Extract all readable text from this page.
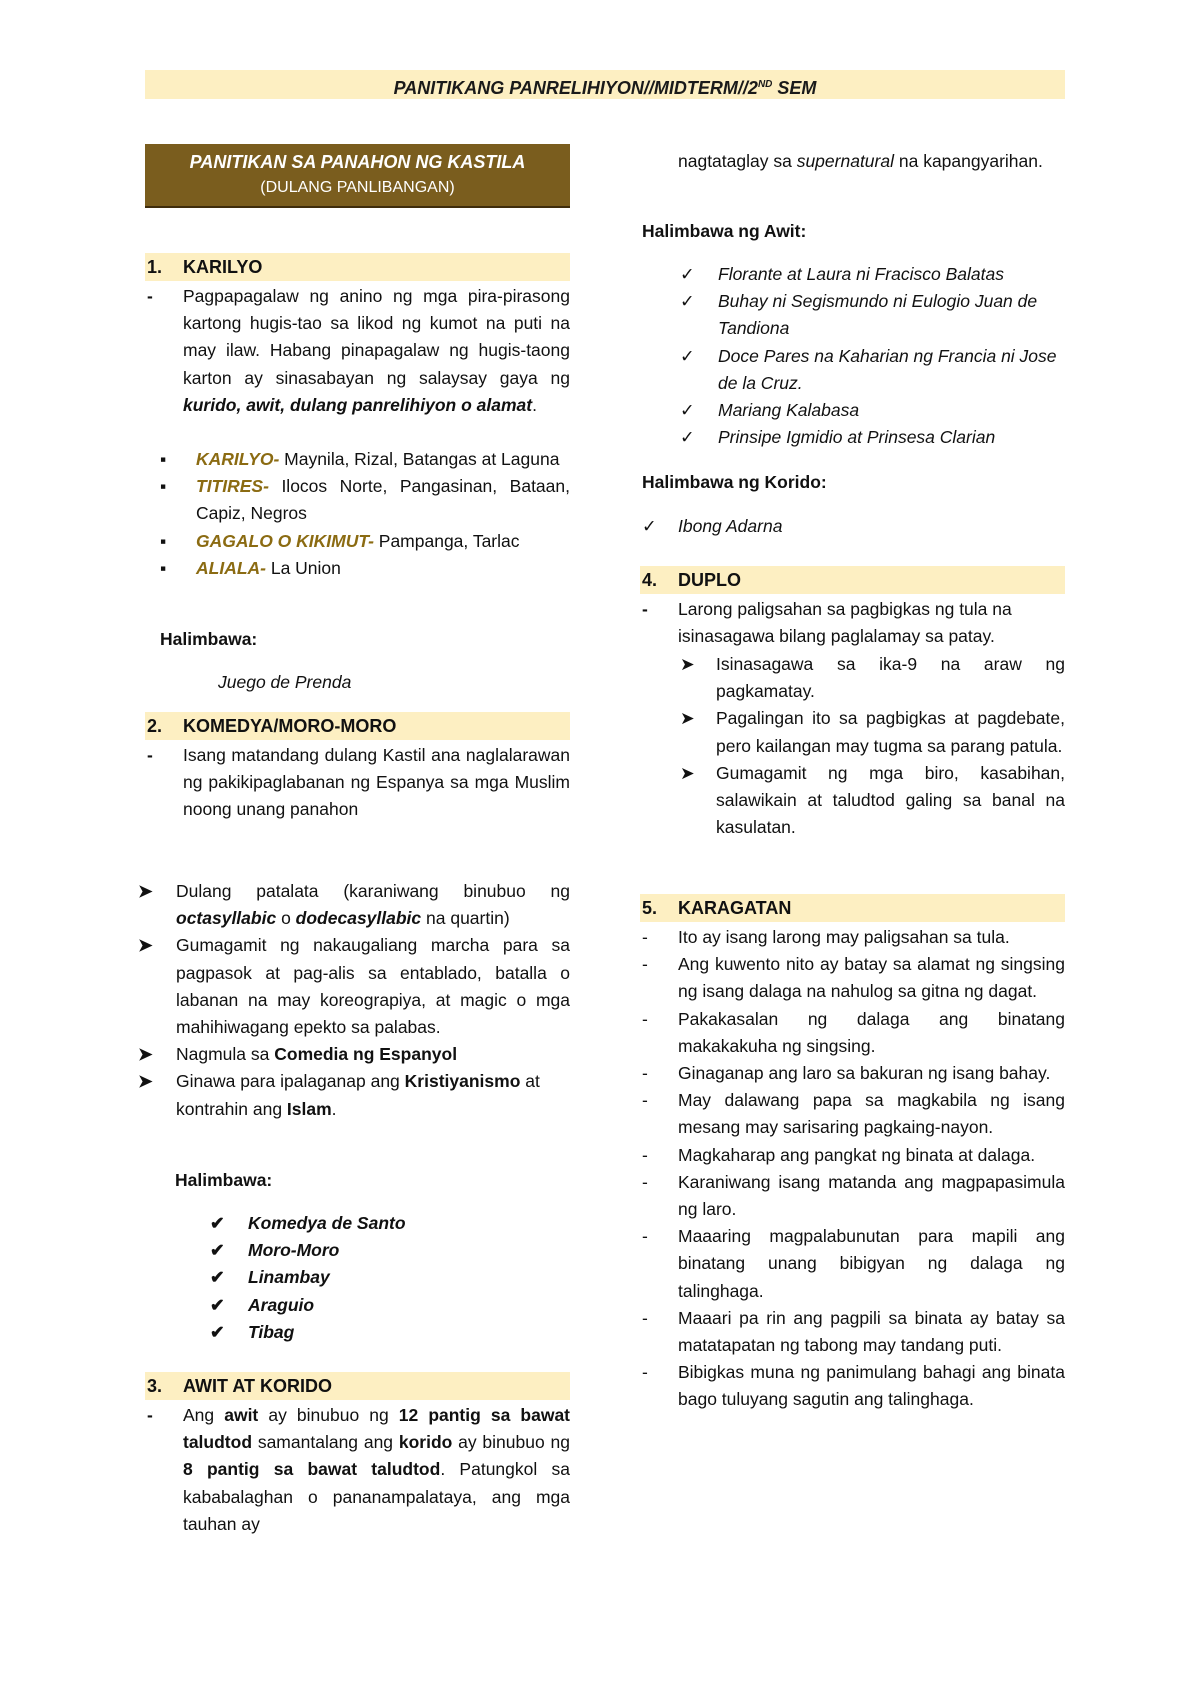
PANITIKANG PANRELIHIYON//MIDTERM//2ND SEM
PANITIKAN SA PANAHON NG KASTILA
(DULANG PANLIBANGAN)
1. KARILYO
-	Pagpapagalaw ng anino ng mga pira-pirasong kartong hugis-tao sa likod ng kumot na puti na may ilaw. Habang pinapagalaw ng hugis-taong karton ay sinasabayan ng salaysay gaya ng kurido, awit, dulang panrelihiyon o alamat.
▪ KARILYO- Maynila, Rizal, Batangas at Laguna
▪ TITIRES- Ilocos Norte, Pangasinan, Bataan, Capiz, Negros
▪ GAGALO O KIKIMUT- Pampanga, Tarlac
▪ ALIALA- La Union
Halimbawa:
Juego de Prenda
2. KOMEDYA/MORO-MORO
-	Isang matandang dulang Kastil ana naglalarawan ng pakikipaglabanan ng Espanya sa mga Muslim noong unang panahon
➤ Dulang patalata (karaniwang binubuo ng octasyllabic o dodecasyllabic na quartin)
➤ Gumagamit ng nakaugaliang marcha para sa pagpasok at pag-alis sa entablado, batalla o labanan na may koreograpiya, at magic o mga mahihiwagang epekto sa palabas.
➤ Nagmula sa Comedia ng Espanyol
➤ Ginawa para ipalaganap ang Kristiyanismo at kontrahin ang Islam.
Halimbawa:
✔ Komedya de Santo
✔ Moro-Moro
✔ Linambay
✔ Araguio
✔ Tibag
3. AWIT AT KORIDO
-	Ang awit ay binubuo ng 12 pantig sa bawat taludtod samantalang ang korido ay binubuo ng 8 pantig sa bawat taludtod. Patungkol sa kababalaghan o pananampalataya, ang mga tauhan ay
nagtataglay sa supernatural na kapangyarihan.
Halimbawa ng Awit:
✓ Florante at Laura ni Fracisco Balatas
✓ Buhay ni Segismundo ni Eulogio Juan de Tandiona
✓ Doce Pares na Kaharian ng Francia ni Jose de la Cruz.
✓ Mariang Kalabasa
✓ Prinsipe Igmidio at Prinsesa Clarian
Halimbawa ng Korido:
✓ Ibong Adarna
4. DUPLO
-	Larong paligsahan sa pagbigkas ng tula na isinasagawa bilang paglalamay sa patay.
➤ Isinasagawa sa ika-9 na araw ng pagkamatay.
➤ Pagalingan ito sa pagbigkas at pagdebate, pero kailangan may tugma sa parang patula.
➤ Gumagamit ng mga biro, kasabihan, salawikain at taludtod galing sa banal na kasulatan.
5. KARAGATAN
- Ito ay isang larong may paligsahan sa tula.
- Ang kuwento nito ay batay sa alamat ng singsing ng isang dalaga na nahulog sa gitna ng dagat.
- Pakakasalan ng dalaga ang binatang makakakuha ng singsing.
- Ginaganap ang laro sa bakuran ng isang bahay.
- May dalawang papa sa magkabila ng isang mesang may sarisaring pagkaing-nayon.
- Magkaharap ang pangkat ng binata at dalaga.
- Karaniwang isang matanda ang magpapasimula ng laro.
- Maaaring magpalabunutan para mapili ang binatang unang bibigyan ng dalaga ng talinghaga.
- Maaari pa rin ang pagpili sa binata ay batay sa matatapatan ng tabong may tandang puti.
- Bibigkas muna ng panimulang bahagi ang binata bago tuluyang sagutin ang talinghaga.
